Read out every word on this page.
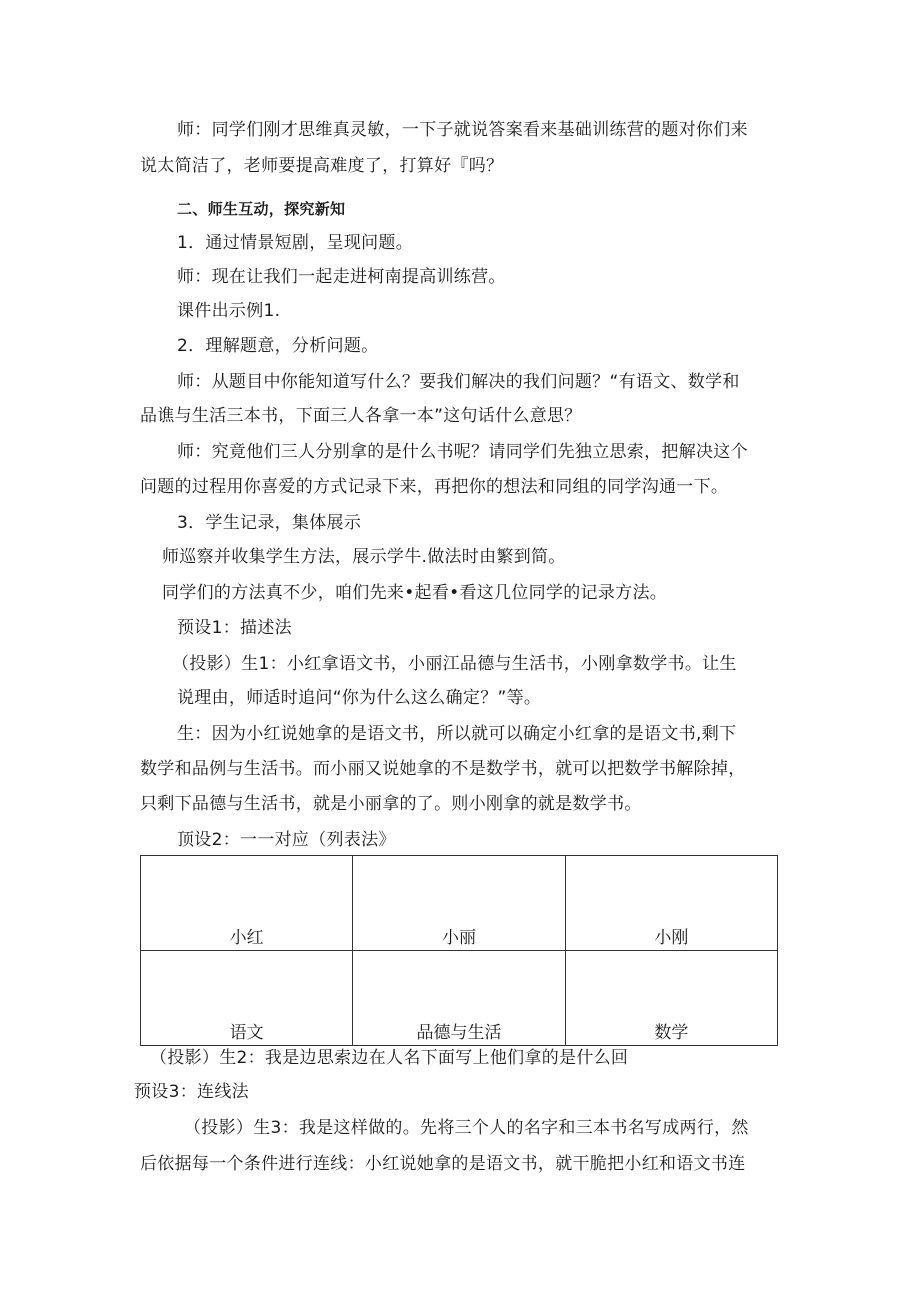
师：同学们刚才思维真灵敏，一下子就说答案看来基础训练营的题对你们来
说太简洁了，老师要提高难度了，打算好『吗？
二、师生互动，探究新知
1．通过情景短剧，呈现问题。
师：现在让我们一起走进柯南提高训练营。
课件出示例1.
2．理解题意，分析问题。
师：从题目中你能知道写什么？要我们解决的我们问题？“有语文、数学和
品谯与生活三本书，下面三人各拿一本”这句话什么意思？
师：究竟他们三人分别拿的是什么书呢？请同学们先独立思索，把解决这个
问题的过程用你喜爱的方式记录下来，再把你的想法和同组的同学沟通一下。
3．学生记录，集体展示
师巡察并收集学生方法，展示学牛.做法时由繁到简。
同学们的方法真不少，咱们先来•起看•看这几位同学的记录方法。
预设1：描述法
（投影）生1：小红拿语文书，小丽江品德与生活书，小刚拿数学书。让生
说理由，师适时追问“你为什么这么确定？”等。
生：因为小红说她拿的是语文书，所以就可以确定小红拿的是语文书,剩下
数学和品例与生活书。而小丽又说她拿的不是数学书，就可以把数学书解除掉，
只剩下品德与生活书，就是小丽拿的了。则小刚拿的就是数学书。
顶设2：一一对应（列表法》
小红	小丽	小刚
语文	品德与生活	数学
（投影）生2：我是边思索边在人名下面写上他们拿的是什么回
预设3：连线法
（投影）生3：我是这样做的。先将三个人的名字和三本书名写成两行，然
后依据每一个条件进行连线：小红说她拿的是语文书，就干脆把小红和语文书连
